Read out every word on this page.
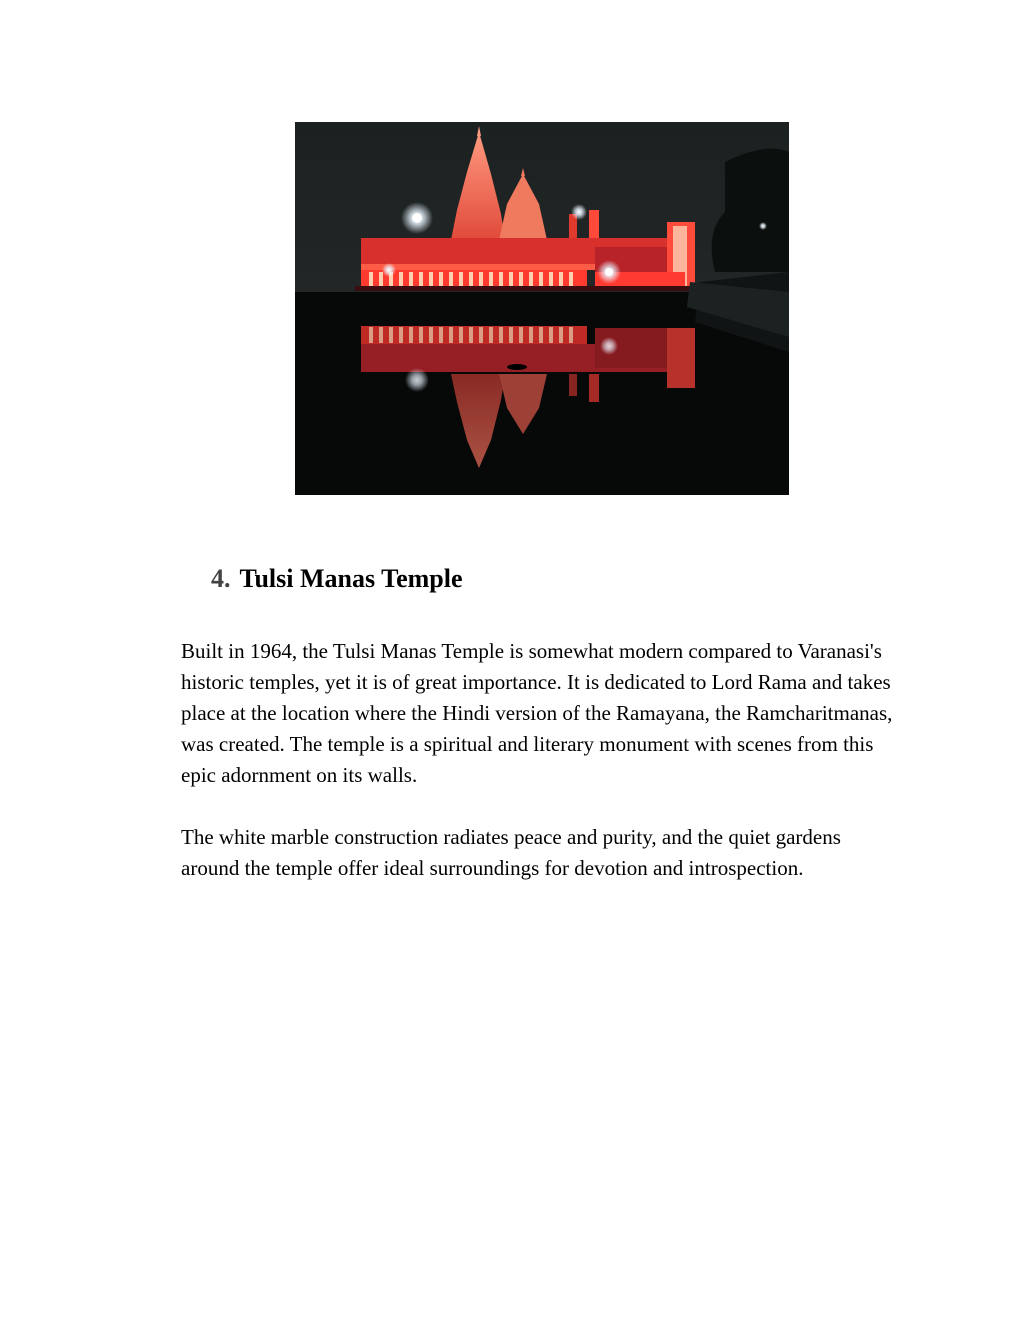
4. Tulsi Manas Temple

Built in 1964, the Tulsi Manas Temple is somewhat modern compared to Varanasi's historic temples, yet it is of great importance. It is dedicated to Lord Rama and takes place at the location where the Hindi version of the Ramayana, the Ramcharitmanas, was created. The temple is a spiritual and literary monument with scenes from this epic adornment on its walls.

The white marble construction radiates peace and purity, and the quiet gardens around the temple offer ideal surroundings for devotion and introspection.
